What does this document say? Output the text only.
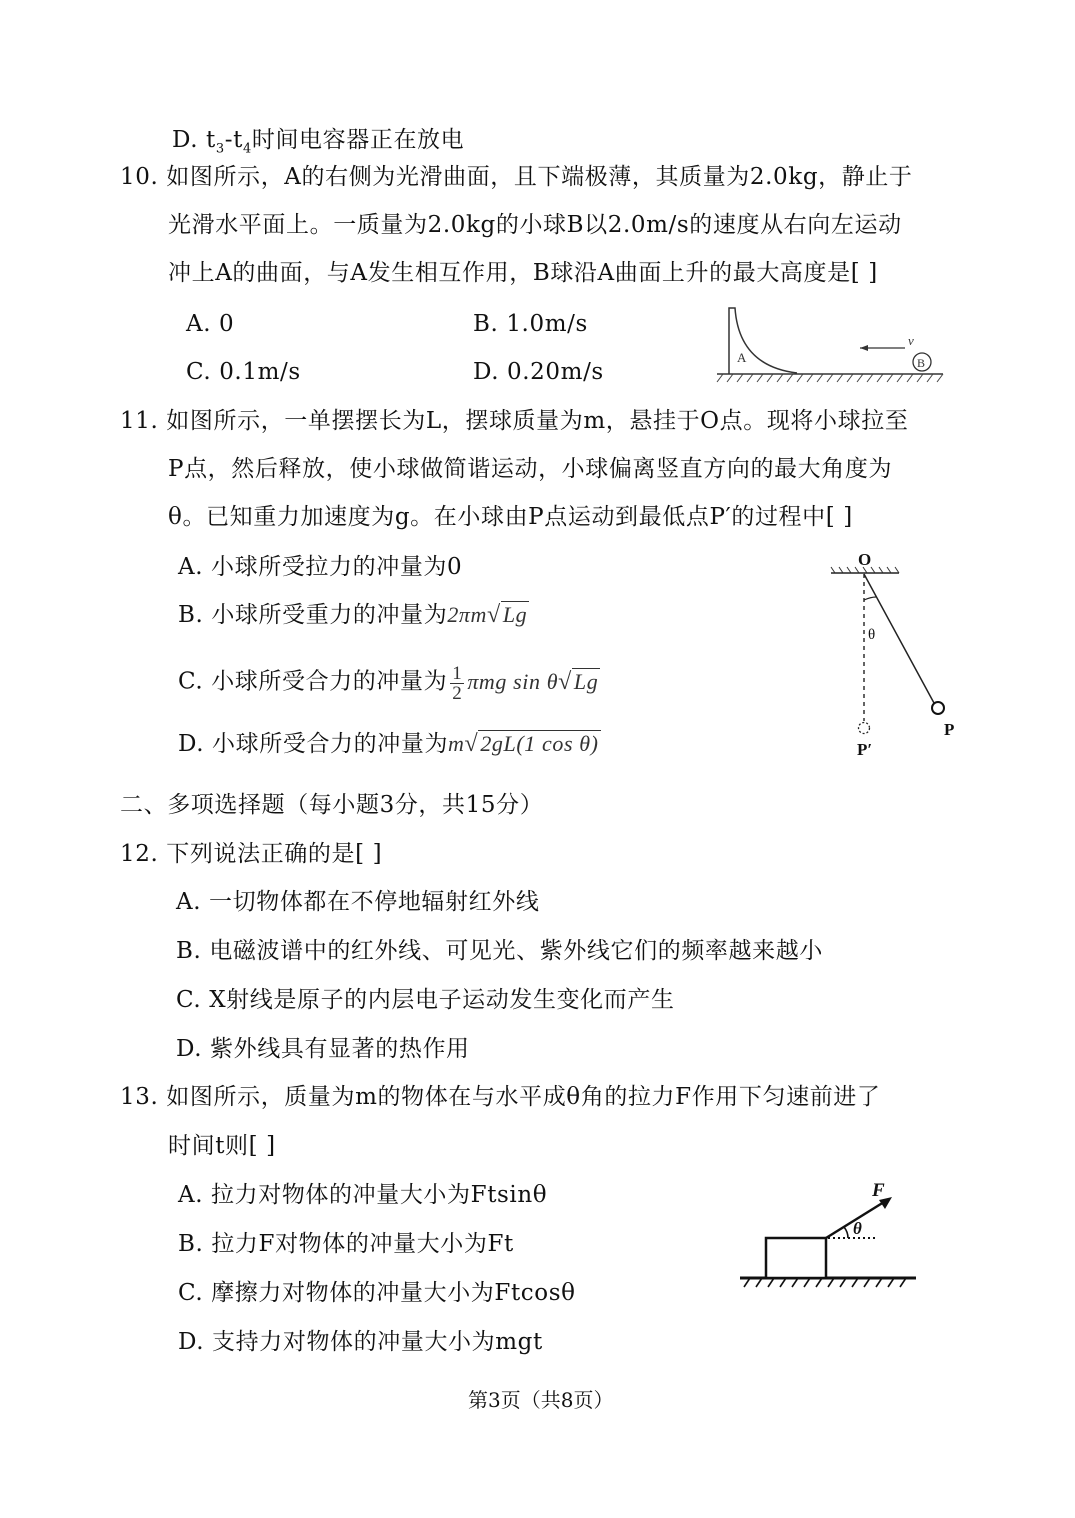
D. $t_3-t_4$时间电容器正在放电
10. 如图所示，A的右侧为光滑曲面，且下端极薄，其质量为2.0kg，静止于
光滑水平面上。一质量为2.0kg的小球B以2.0m/s的速度从右向左运动
冲上A的曲面，与A发生相互作用，B球沿A曲面上升的最大高度是[ ]
A. 0	B. 1.0m/s
C. 0.1m/s	D. 0.20m/s
A
v
B
11. 如图所示，一单摆摆长为L，摆球质量为m，悬挂于O点。现将小球拉至
P点，然后释放，使小球做简谐运动，小球偏离竖直方向的最大角度为
θ。已知重力加速度为g。在小球由P点运动到最低点P′的过程中[ ]
A. 小球所受拉力的冲量为0
B. 小球所受重力的冲量为2πm√Lg
C. 小球所受合力的冲量为 $\frac{1}{2}$ πmg sin θ√Lg
D. 小球所受合力的冲量为m√2gL(1 cos θ)
O
θ
P
P′
二、多项选择题（每小题3分，共15分）
12. 下列说法正确的是[ ]
A. 一切物体都在不停地辐射红外线
B. 电磁波谱中的红外线、可见光、紫外线它们的频率越来越小
C. X射线是原子的内层电子运动发生变化而产生
D. 紫外线具有显著的热作用
13. 如图所示，质量为m的物体在与水平成θ角的拉力F作用下匀速前进了
时间t则[ ]
A. 拉力对物体的冲量大小为Ftsinθ
B. 拉力F对物体的冲量大小为Ft
C. 摩擦力对物体的冲量大小为Ftcosθ
D. 支持力对物体的冲量大小为mgt
F
θ
第3页（共8页）
